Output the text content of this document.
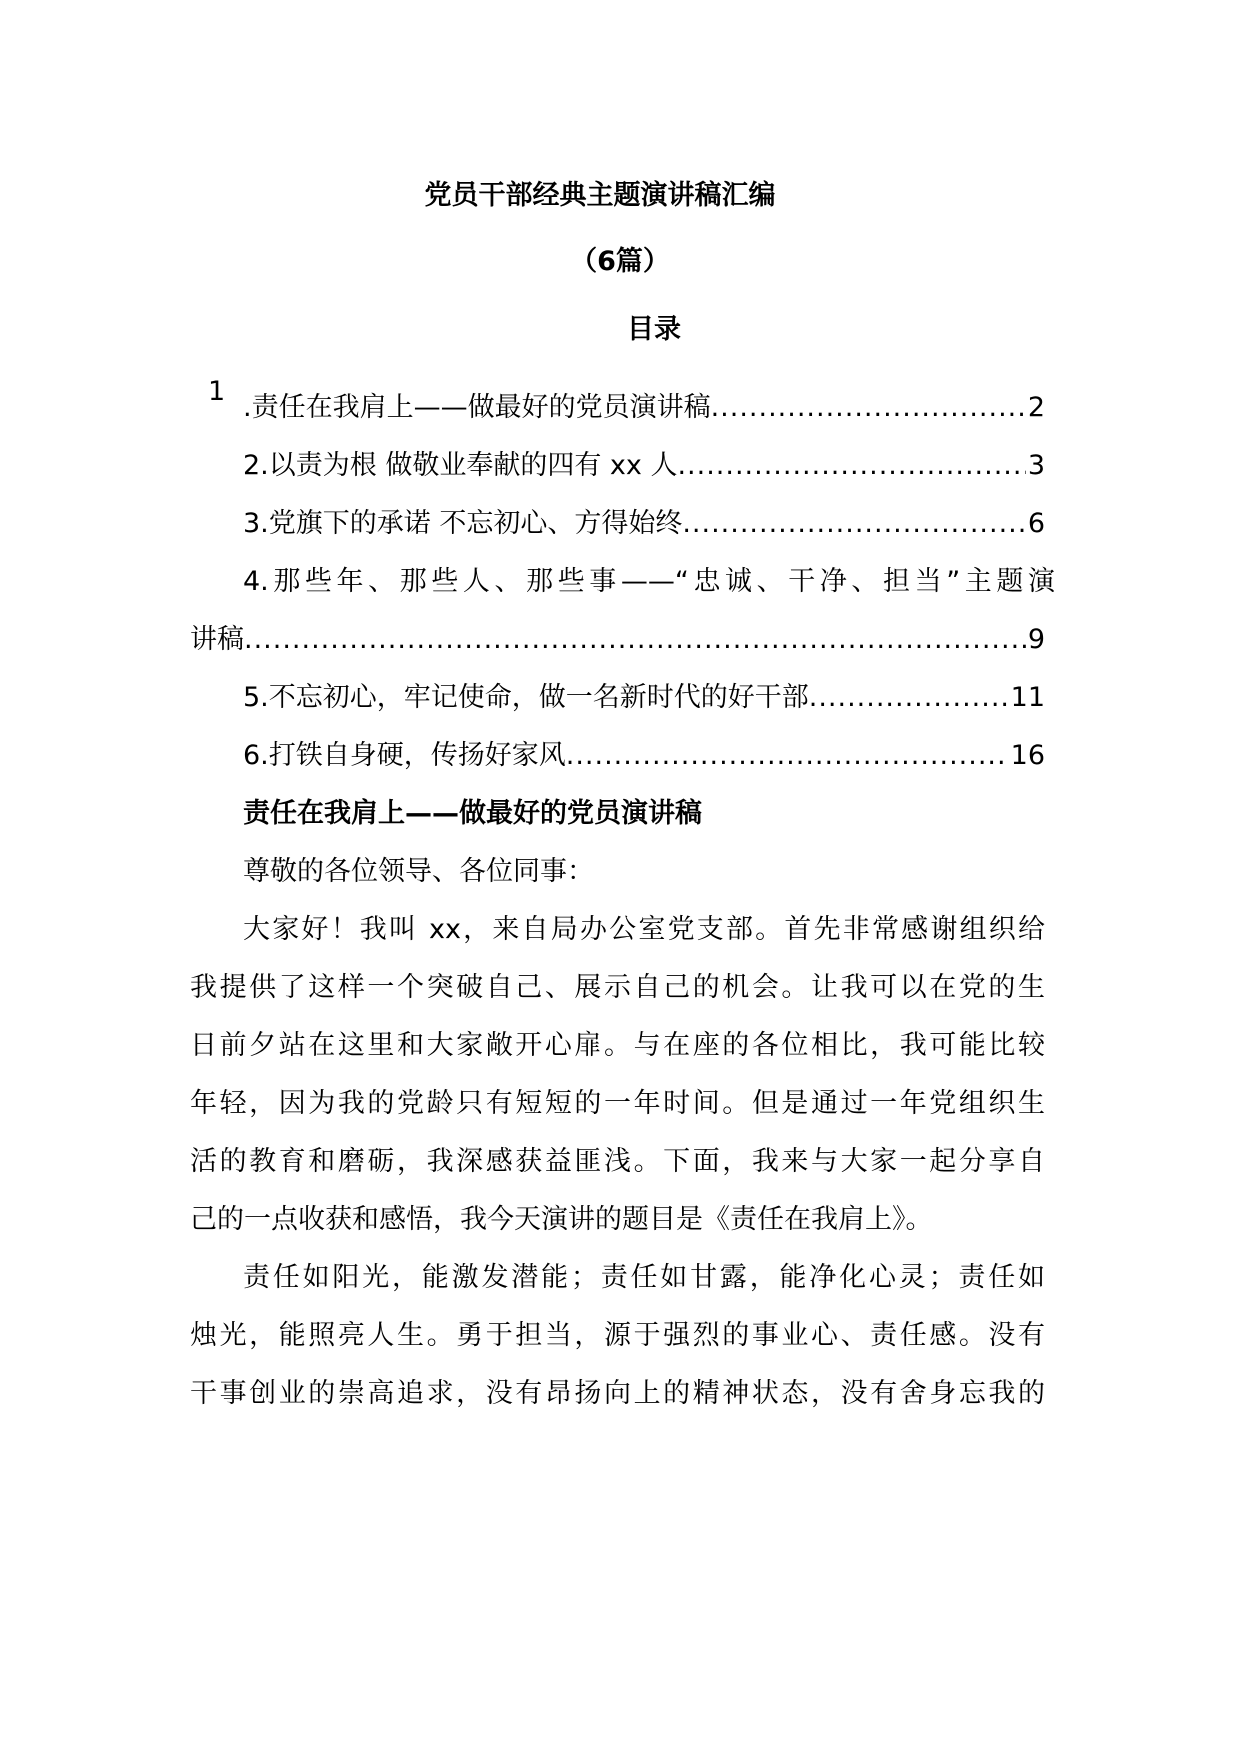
党员干部经典主题演讲稿汇编
（6篇）
目录
1
.责任在我肩上——做最好的党员演讲稿 .....	2
2.以责为根 做敬业奉献的四有 xx 人 .....	3
3.党旗下的承诺 不忘初心、方得始终 .....	6
4.那些年、那些人、那些事——“忠诚、干净、担当”主题演
讲稿 .....	9
5.不忘初心，牢记使命，做一名新时代的好干部 .....	11
6.打铁自身硬，传扬好家风 .....	16
责任在我肩上——做最好的党员演讲稿
尊敬的各位领导、各位同事：
大家好！我叫 xx，来自局办公室党支部。首先非常感谢组织给
我提供了这样一个突破自己、展示自己的机会。让我可以在党的生
日前夕站在这里和大家敞开心扉。与在座的各位相比，我可能比较
年轻，因为我的党龄只有短短的一年时间。但是通过一年党组织生
活的教育和磨砺，我深感获益匪浅。下面，我来与大家一起分享自
己的一点收获和感悟，我今天演讲的题目是《责任在我肩上》。
责任如阳光，能激发潜能；责任如甘露，能净化心灵；责任如
烛光，能照亮人生。勇于担当，源于强烈的事业心、责任感。没有
干事创业的崇高追求，没有昂扬向上的精神状态，没有舍身忘我的
